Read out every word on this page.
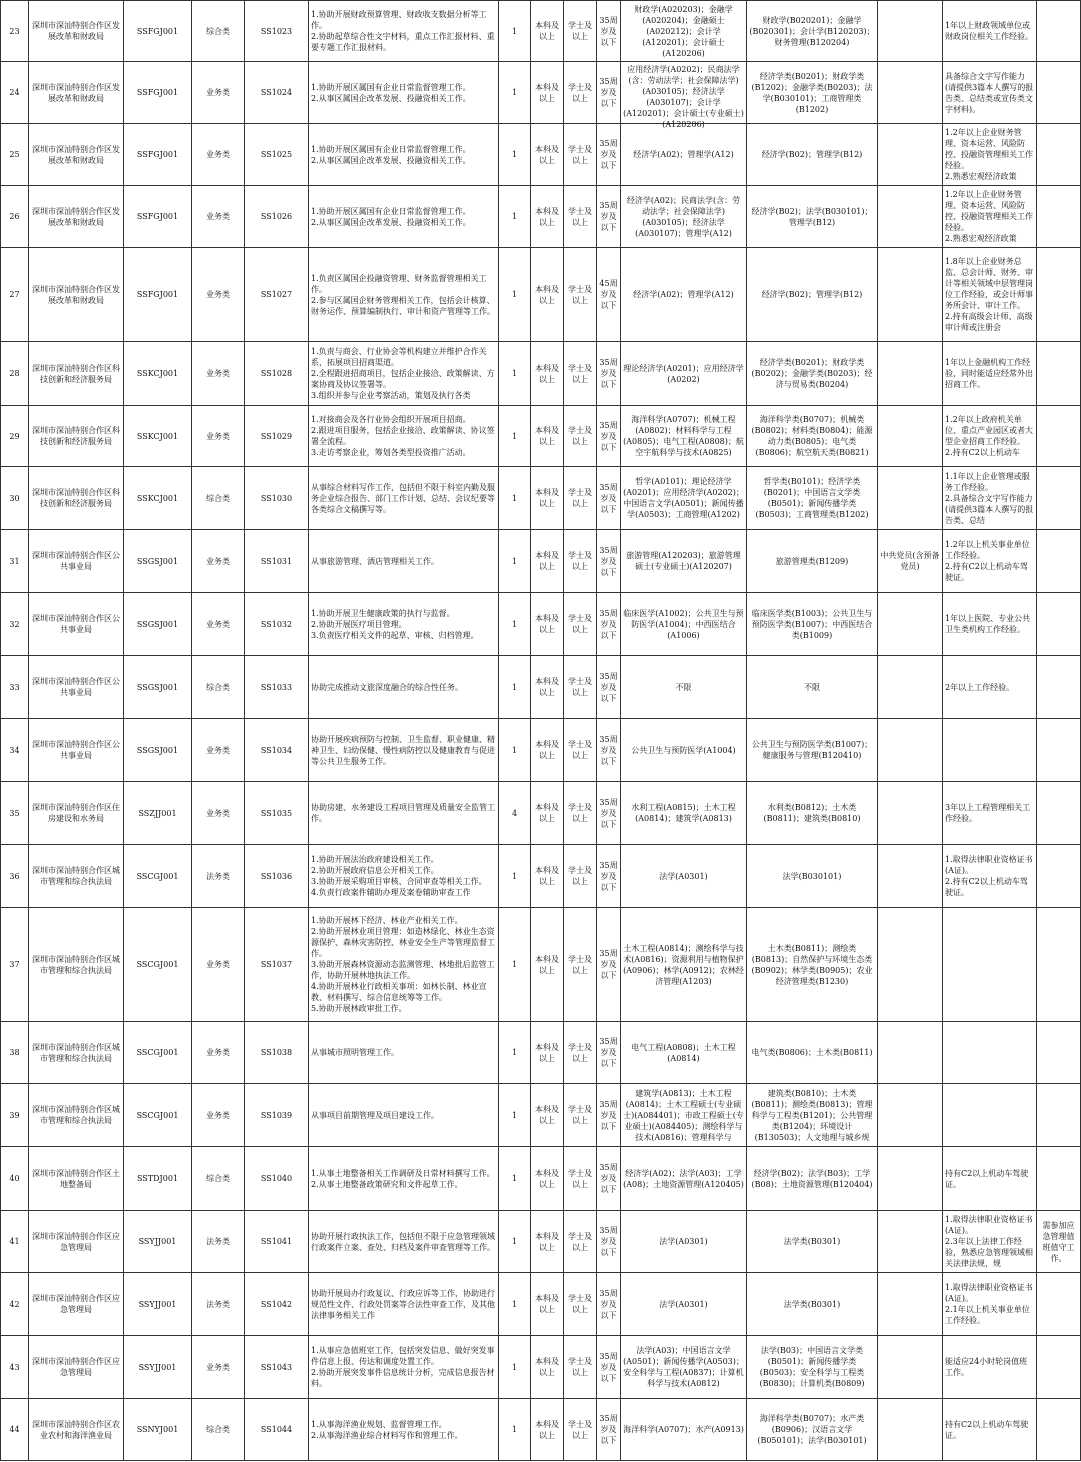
23	深圳市深汕特别合作区发展改革和财政局	SSFGJ001	综合类	SS1023	1.协助开展财政预算管理、财政收支数据分析等工作。
2.协助起草综合性文字材料，重点工作汇报材料、重要专题工作汇报材料。	1	本科及以上	学士及以上	35周岁及以下	财政学(A020203)；金融学(A020204)；金融硕士(A020212)；会计学(A120201)；会计硕士(A120206)	财政学(B020201)；金融学(B020301)；会计学(B120203)；财务管理(B120204)		1年以上财政领域单位或财政岗位相关工作经验。	

24	深圳市深汕特别合作区发展改革和财政局	SSFGJ001	业务类	SS1024	1.协助开展区属国有企业日常监督管理工作。
2.从事区属国企改革发展、投融资相关工作。	1	本科及以上	学士及以上	35周岁及以下	应用经济学(A0202)；民商法学(含：劳动法学；社会保障法学)(A030105)；经济法学(A030107)；会计学(A120201)；会计硕士(专业硕士)(A120206)	经济学类(B0201)；财政学类(B1202)；金融学类(B0203)；法学(B030101)；工商管理类(B1202)		具备综合文字写作能力(请提供3篇本人撰写的报告类、总结类或宣传类文字材料)。	

25	深圳市深汕特别合作区发展改革和财政局	SSFGJ001	业务类	SS1025	1.协助开展区属国有企业日常监督管理工作。
2.从事区属国企改革发展、投融资相关工作。	1	本科及以上	学士及以上	35周岁及以下	经济学(A02)；管理学(A12)	经济学(B02)；管理学(B12)		1.2年以上企业财务管理、资本运营、风险防控、投融资管理相关工作经验。
2.熟悉宏观经济政策	

26	深圳市深汕特别合作区发展改革和财政局	SSFGJ001	业务类	SS1026	1.协助开展区属国有企业日常监督管理工作。
2.从事区属国企改革发展、投融资相关工作。	1	本科及以上	学士及以上	35周岁及以下	经济学(A02)；民商法学(含：劳动法学；社会保障法学)(A030105)；经济法学(A030107)；管理学(A12)	经济学(B02)；法学(B030101)；管理学(B12)		1.2年以上企业财务管理、资本运营、风险防控、投融资管理相关工作经验。
2.熟悉宏观经济政策	

27	深圳市深汕特别合作区发展改革和财政局	SSFGJ001	业务类	SS1027	1.负责区属国企投融资管理、财务监督管理相关工作。
2.参与区属国企财务管理相关工作，包括会计核算、财务运作、预算编制执行、审计和资产管理等工作。	1	本科及以上	学士及以上	45周岁及以下	经济学(A02)；管理学(A12)	经济学(B02)；管理学(B12)		1.8年以上企业财务总监、总会计师、财务、审计等相关领域中层管理岗位工作经验，或会计师事务所会计、审计工作。
2.持有高级会计师、高级审计师或注册会	

28	深圳市深汕特别合作区科技创新和经济服务局	SSKCJ001	业务类	SS1028	1.负责与商会、行业协会等机构建立并维护合作关系，拓展项目招商渠道。
2.全程跟进招商项目，包括企业接洽、政策解读、方案协商及协议签署等。
3.组织并参与企业考察活动，策划及执行各类	1	本科及以上	学士及以上	35周岁及以下	理论经济学(A0201)；应用经济学(A0202)	经济学类(B0201)；财政学类(B0202)；金融学类(B0203)；经济与贸易类(B0204)		1年以上金融机构工作经验，同时能适应经常外出招商工作。	

29	深圳市深汕特别合作区科技创新和经济服务局	SSKCJ001	业务类	SS1029	1.对接商会及各行业协会组织开展项目招商。
2.跟进项目服务，包括企业接洽、政策解读、协议签署全流程。
3.走访考察企业，筹划各类型投资推广活动。	1	本科及以上	学士及以上	35周岁及以下	海洋科学(A0707)；机械工程(A0802)；材料科学与工程(A0805)；电气工程(A0808)；航空宇航科学与技术(A0825)	海洋科学类(B0707)；机械类(B0802)；材料类(B0804)；能源动力类(B0805)；电气类(B0806)；航空航天类(B0821)		1.2年以上政府机关单位、重点产业园区或者大型企业招商工作经验。
2.持有C2以上机动车	

30	深圳市深汕特别合作区科技创新和经济服务局	SSKCJ001	综合类	SS1030	从事综合材料写作工作，包括但不限于科室内勤及服务企业综合报告、部门工作计划、总结、会议纪要等各类综合文稿撰写等。	1	本科及以上	学士及以上	35周岁及以下	哲学(A0101)；理论经济学(A0201)；应用经济学(A0202)；中国语言文学(A0501)；新闻传播学(A0503)；工商管理(A1202)	哲学类(B0101)；经济学类(B0201)；中国语言文学类(B0501)；新闻传播学类(B0503)；工商管理类(B1202)		1.1年以上企业管理或服务工作经验。
2.具备综合文字写作能力(请提供3篇本人撰写的报告类、总结	

31	深圳市深汕特别合作区公共事业局	SSGSJ001	业务类	SS1031	从事旅游管理、酒店管理相关工作。	1	本科及以上	学士及以上	35周岁及以下	旅游管理(A120203)；旅游管理硕士(专业硕士)(A120207)	旅游管理类(B1209)	中共党员(含预备党员)	1.2年以上机关事业单位工作经验。
2.持有C2以上机动车驾驶证。	

32	深圳市深汕特别合作区公共事业局	SSGSJ001	业务类	SS1032	1.协助开展卫生健康政策的执行与监督。
2.协助开展医疗项目管理。
3.负责医疗相关文件的起草、审核、归档管理。	1	本科及以上	学士及以上	35周岁及以下	临床医学(A1002)；公共卫生与预防医学(A1004)；中西医结合(A1006)	临床医学类(B1003)；公共卫生与预防医学类(B1007)；中西医结合类(B1009)		1年以上医院、专业公共卫生类机构工作经验。	

33	深圳市深汕特别合作区公共事业局	SSGSJ001	综合类	SS1033	协助完成推动文旅深度融合的综合性任务。	1	本科及以上	学士及以上	35周岁及以下	不限	不限		2年以上工作经验。	

34	深圳市深汕特别合作区公共事业局	SSGSJ001	业务类	SS1034	协助开展疾病预防与控制、卫生监督、职业健康、精神卫生、妇幼保健、慢性病防控以及健康教育与促进等公共卫生服务工作。	1	本科及以上	学士及以上	35周岁及以下	公共卫生与预防医学(A1004)	公共卫生与预防医学类(B1007)；健康服务与管理(B120410)			

35	深圳市深汕特别合作区住房建设和水务局	SSZJJ001	业务类	SS1035	协助房建、水务建设工程项目管理及质量安全监管工作。	4	本科及以上	学士及以上	35周岁及以下	水利工程(A0815)；土木工程(A0814)；建筑学(A0813)	水利类(B0812)；土木类(B0811)；建筑类(B0810)		3年以上工程管理相关工作经验。	

36	深圳市深汕特别合作区城市管理和综合执法局	SSCGJ001	法务类	SS1036	1.协助开展法治政府建设相关工作。
2.协助开展政府信息公开相关工作。
3.协助开展采购项目审核、合同审查等相关工作。
4.负责行政案件辅助办理及案卷辅助审查工作	1	本科及以上	学士及以上	35周岁及以下	法学(A0301)	法学(B030101)		1.取得法律职业资格证书(A证)。
2.持有C2以上机动车驾驶证。	

37	深圳市深汕特别合作区城市管理和综合执法局	SSCGJ001	业务类	SS1037	1.协助开展林下经济、林业产业相关工作。
2.协助开展林业项目管理：如造林绿化、林业生态资源保护、森林灾害防控、林业安全生产等管理监督工作。
3.协助开展森林资源动态监测管理、林地批后监管工作，协助开展林地执法工作。
4.协助开展林业行政相关事项：如林长制、林业宣教、材料撰写、综合信息统筹等工作。
5.协助开展林政审批工作。	1	本科及以上	学士及以上	35周岁及以下	土木工程(A0814)；测绘科学与技术(A0816)；资源利用与植物保护(A0906)；林学(A0912)；农林经济管理(A1203)	土木类(B0811)；测绘类(B0813)；自然保护与环境生态类(B0902)；林学类(B0905)；农业经济管理类(B1230)			

38	深圳市深汕特别合作区城市管理和综合执法局	SSCGJ001	业务类	SS1038	从事城市照明管理工作。	1	本科及以上	学士及以上	35周岁及以下	电气工程(A0808)；土木工程(A0814)	电气类(B0806)；土木类(B0811)			

39	深圳市深汕特别合作区城市管理和综合执法局	SSCGJ001	业务类	SS1039	从事项目前期管理及项目建设工作。	1	本科及以上	学士及以上	35周岁及以下	建筑学(A0813)；土木工程(A0814)；土木工程硕士(专业硕士)(A084401)；市政工程硕士(专业硕士)(A084405)；测绘科学与技术(A0816)；管理科学与	建筑类(B0810)；土木类(B0811)；测绘类(B0813)；管理科学与工程类(B1201)；公共管理类(B1204)；环境设计(B130503)；人文地理与城乡规			

40	深圳市深汕特别合作区土地整备局	SSTDJ001	综合类	SS1040	1.从事土地整备相关工作调研及日常材料撰写工作。
2.从事土地整备政策研究和文件起草工作。	1	本科及以上	学士及以上	35周岁及以下	经济学(A02)；法学(A03)；工学(A08)；土地资源管理(A120405)	经济学(B02)；法学(B03)；工学(B08)；土地资源管理(B120404)		持有C2以上机动车驾驶证。	

41	深圳市深汕特别合作区应急管理局	SSYJJ001	法务类	SS1041	协助开展行政执法工作，包括但不限于应急管理领域行政案件立案、查处、归档及案件审查管理等工作。	1	本科及以上	学士及以上	35周岁及以下	法学(A0301)	法学类(B0301)		1.取得法律职业资格证书(A证)。
2.3年以上法律工作经验，熟悉应急管理领域相关法律法规，规	需参加应急管理值班值守工作。

42	深圳市深汕特别合作区应急管理局	SSYJJ001	法务类	SS1042	协助开展局办行政复议、行政应诉等工作，协助进行规范性文件、行政处罚案等合法性审查工作，及其他法律事务相关工作	1	本科及以上	学士及以上	35周岁及以下	法学(A0301)	法学类(B0301)		1.取得法律职业资格证书(A证)。
2.1年以上机关事业单位工作经验。	

43	深圳市深汕特别合作区应急管理局	SSYJJ001	业务类	SS1043	1.从事应急值班室工作，包括突发信息、做好突发事件信息上报、传达和调度处置工作。
2.协助开展突发事件信息统计分析，完成信息报告材料。	1	本科及以上	学士及以上	35周岁及以下	法学(A03)；中国语言文学(A0501)；新闻传播学(A0503)；安全科学与工程(A0837)；计算机科学与技术(A0812)	法学(B03)；中国语言文学类(B0501)；新闻传播学类(B0503)；安全科学与工程类(B0830)；计算机类(B0809)		能适应24小时轮岗值班工作。	

44	深圳市深汕特别合作区农业农村和海洋渔业局	SSNYJ001	综合类	SS1044	1.从事海洋渔业规划、监督管理工作。
2.从事海洋渔业综合材料写作和管理工作。	1	本科及以上	学士及以上	35周岁及以下	海洋科学(A0707)；水产(A0913)	海洋科学类(B0707)；水产类(B0906)；汉语言文学(B050101)；法学(B030101)		持有C2以上机动车驾驶证。	
